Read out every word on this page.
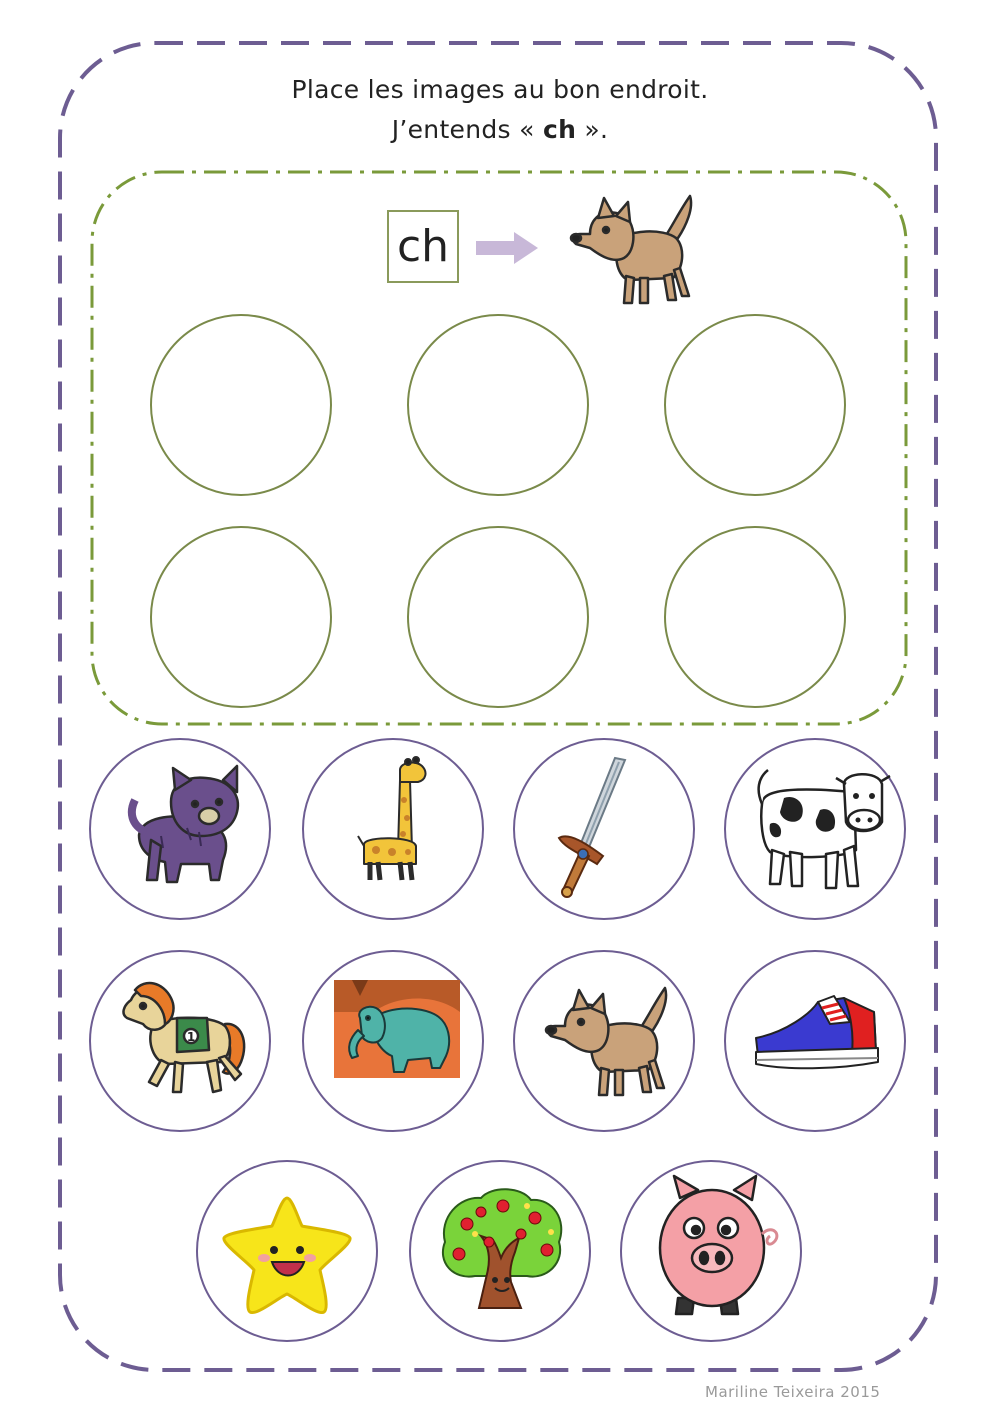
Place les images au bon endroit.
J’entends « ch ».
ch
1
Mariline Teixeira 2015
